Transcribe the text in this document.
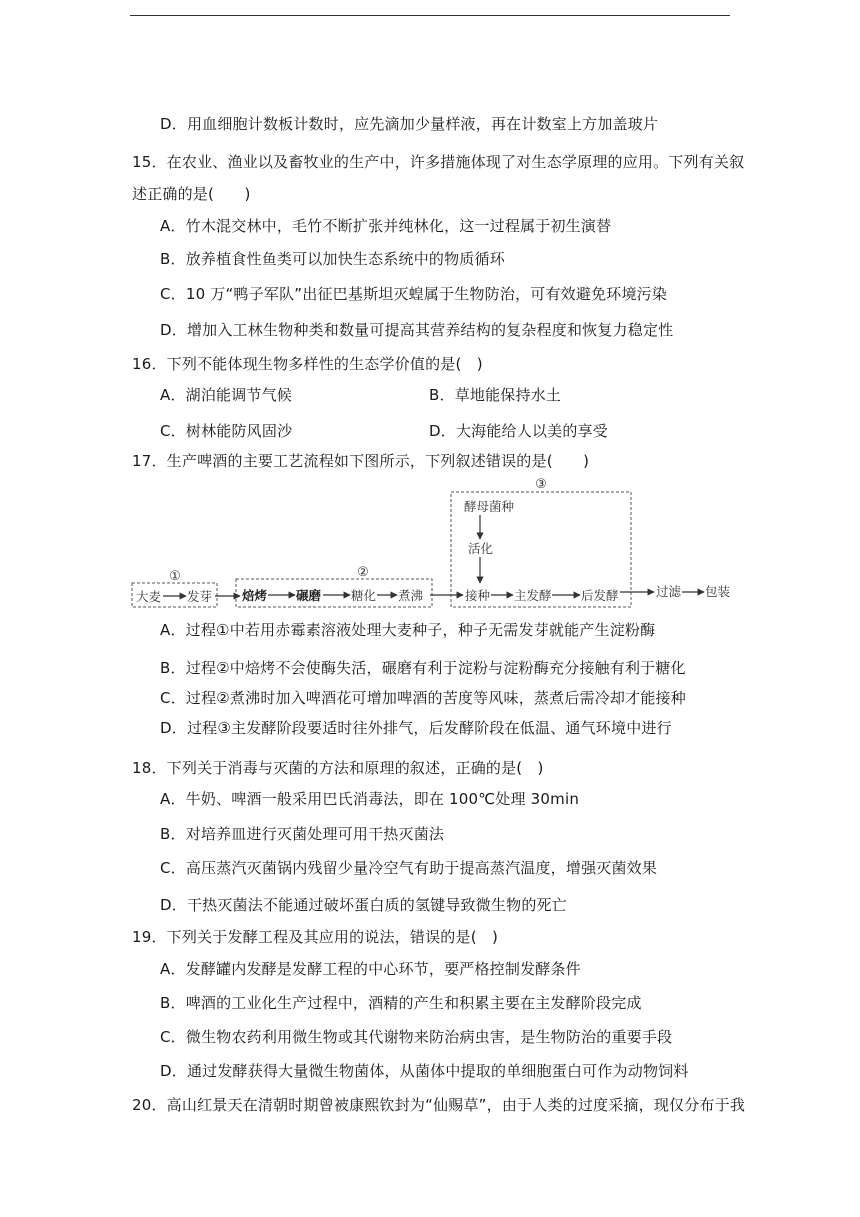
D．用血细胞计数板计数时，应先滴加少量样液，再在计数室上方加盖玻片
15．在农业、渔业以及畜牧业的生产中，许多措施体现了对生态学原理的应用。下列有关叙
述正确的是(　　)
A．竹木混交林中，毛竹不断扩张并纯林化，这一过程属于初生演替
B．放养植食性鱼类可以加快生态系统中的物质循环
C．10 万“鸭子军队”出征巴基斯坦灭蝗属于生物防治，可有效避免环境污染
D．增加入工林生物种类和数量可提高其营养结构的复杂程度和恢复力稳定性
16．下列不能体现生物多样性的生态学价值的是(　)
A．湖泊能调节气候	B．草地能保持水土
C．树林能防风固沙	D．大海能给人以美的享受
17．生产啤酒的主要工艺流程如下图所示，下列叙述错误的是(　　)
A．过程①中若用赤霉素溶液处理大麦种子，种子无需发芽就能产生淀粉酶
B．过程②中焙烤不会使酶失活，碾磨有利于淀粉与淀粉酶充分接触有利于糖化
C．过程②煮沸时加入啤酒花可增加啤酒的苦度等风味，蒸煮后需冷却才能接种
D．过程③主发酵阶段要适时往外排气，后发酵阶段在低温、通气环境中进行
18．下列关于消毒与灭菌的方法和原理的叙述，正确的是(　)
A．牛奶、啤酒一般采用巴氏消毒法，即在 100℃处理 30min
B．对培养皿进行灭菌处理可用干热灭菌法
C．高压蒸汽灭菌锅内残留少量冷空气有助于提高蒸汽温度，增强灭菌效果
D．干热灭菌法不能通过破坏蛋白质的氢键导致微生物的死亡
19．下列关于发酵工程及其应用的说法，错误的是(　)
A．发酵罐内发酵是发酵工程的中心环节，要严格控制发酵条件
B．啤酒的工业化生产过程中，酒精的产生和积累主要在主发酵阶段完成
C．微生物农药利用微生物或其代谢物来防治病虫害，是生物防治的重要手段
D．通过发酵获得大量微生物菌体，从菌体中提取的单细胞蛋白可作为动物饲料
20．高山红景天在清朝时期曾被康熙钦封为“仙赐草”，由于人类的过度采摘，现仅分布于我
①	②
③
大麦 发芽 焙烤 碾磨 糖化 煮沸
酵母菌种
活化
接种 主发酵 后发酵	过滤 包装
